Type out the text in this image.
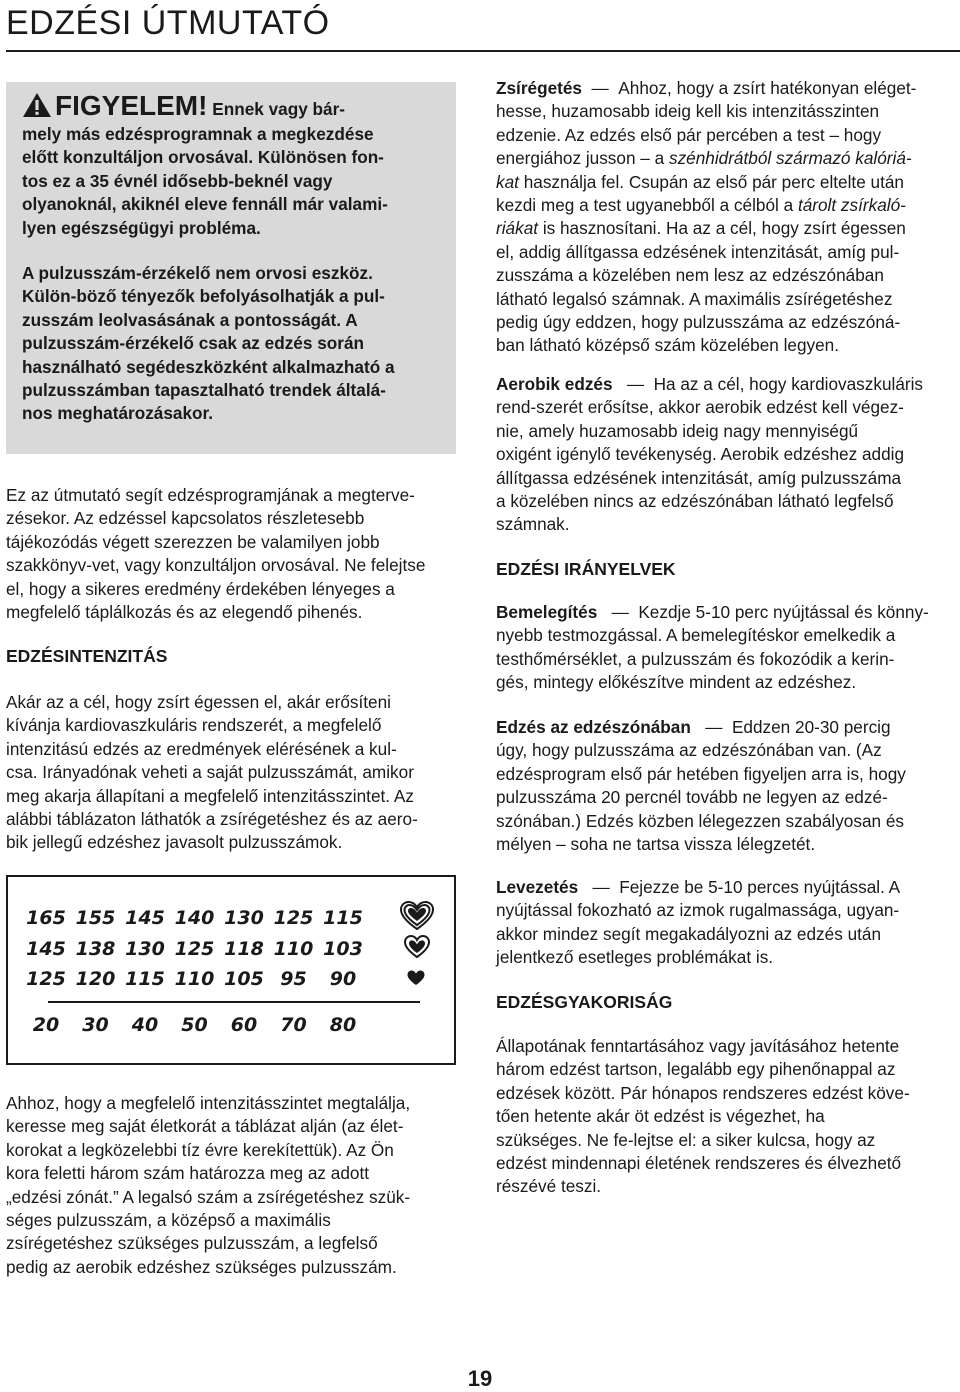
EDZÉSI ÚTMUTATÓ

FIGYELEM! Ennek vagy bár-

mely más edzésprogramnak a megkezdése

előtt konzultáljon orvosával. Különösen fon-

tos ez a 35 évnél idősebb-beknél vagy

olyanoknál, akiknél eleve fennáll már valami-

lyen egészségügyi probléma.

A pulzusszám-érzékelő nem orvosi eszköz.

Külön-böző tényezők befolyásolhatják a pul-

zusszám leolvasásának a pontosságát. A

pulzusszám-érzékelő csak az edzés során

használható segédeszközként alkalmazható a

pulzusszámban tapasztalható trendek általá-

nos meghatározásakor.

Ez az útmutató segít edzésprogramjának a megterve-

zésekor. Az edzéssel kapcsolatos részletesebb

tájékozódás végett szerezzen be valamilyen jobb

szakkönyv-vet, vagy konzultáljon orvosával. Ne felejtse

el, hogy a sikeres eredmény érdekében lényeges a

megfelelő táplálkozás és az elegendő pihenés.

EDZÉSINTENZITÁS

Akár az a cél, hogy zsírt égessen el, akár erősíteni

kívánja kardiovaszkuláris rendszerét, a megfelelő

intenzitású edzés az eredmények elérésének a kul-

csa. Irányadónak veheti a saját pulzusszámát, amikor

meg akarja állapítani a megfelelő intenzitásszintet. Az

alábbi táblázaton láthatók a zsírégetéshez és az aero-

bik jellegű edzéshez javasolt pulzusszámok.

165 155 145 140 130 125 115
145 138 130 125 118 110 103
125 120 115 110 105 95	90
20	30	40	50	60	70	80

Ahhoz, hogy a megfelelő intenzitásszintet megtalálja,

keresse meg saját életkorát a táblázat alján (az élet-

korokat a legközelebbi tíz évre kerekítettük). Az Ön

kora feletti három szám határozza meg az adott

„edzési zónát.” A legalsó szám a zsírégetéshez szük-

séges pulzusszám, a középső a maximális

zsírégetéshez szükséges pulzusszám, a legfelső

pedig az aerobik edzéshez szükséges pulzusszám.

Zsírégetés — Ahhoz, hogy a zsírt hatékonyan eléget-

hesse, huzamosabb ideig kell kis intenzitásszinten

edzenie. Az edzés első pár percében a test – hogy

energiához jusson – a szénhidrátból származó kalóriá-

kat használja fel. Csupán az első pár perc eltelte után

kezdi meg a test ugyanebből a célból a tárolt zsírkaló-

riákat is hasznosítani. Ha az a cél, hogy zsírt égessen

el, addig állítgassa edzésének intenzitását, amíg pul-

zusszáma a közelében nem lesz az edzészónában

látható legalsó számnak. A maximális zsírégetéshez

pedig úgy eddzen, hogy pulzusszáma az edzészóná-

ban látható középső szám közelében legyen.

Aerobik edzés — Ha az a cél, hogy kardiovaszkuláris

rend-szerét erősítse, akkor aerobik edzést kell végez-

nie, amely huzamosabb ideig nagy mennyiségű

oxigént igénylő tevékenység. Aerobik edzéshez addig

állítgassa edzésének intenzitását, amíg pulzusszáma

a közelében nincs az edzészónában látható legfelső

számnak.

EDZÉSI IRÁNYELVEK

Bemelegítés — Kezdje 5-10 perc nyújtással és könny-

nyebb testmozgással. A bemelegítéskor emelkedik a

testhőmérséklet, a pulzusszám és fokozódik a kerin-

gés, mintegy előkészítve mindent az edzéshez.

Edzés az edzészónában — Eddzen 20-30 percig

úgy, hogy pulzusszáma az edzészónában van. (Az

edzésprogram első pár hetében figyeljen arra is, hogy

pulzusszáma 20 percnél tovább ne legyen az edzé-

szónában.) Edzés közben lélegezzen szabályosan és

mélyen – soha ne tartsa vissza lélegzetét.

Levezetés — Fejezze be 5-10 perces nyújtással. A

nyújtással fokozható az izmok rugalmassága, ugyan-

akkor mindez segít megakadályozni az edzés után

jelentkező esetleges problémákat is.

EDZÉSGYAKORISÁG

Állapotának fenntartásához vagy javításához hetente

három edzést tartson, legalább egy pihenőnappal az

edzések között. Pár hónapos rendszeres edzést köve-

tően hetente akár öt edzést is végezhet, ha

szükséges. Ne fe-lejtse el: a siker kulcsa, hogy az

edzést mindennapi életének rendszeres és élvezhető

részévé teszi.

19
